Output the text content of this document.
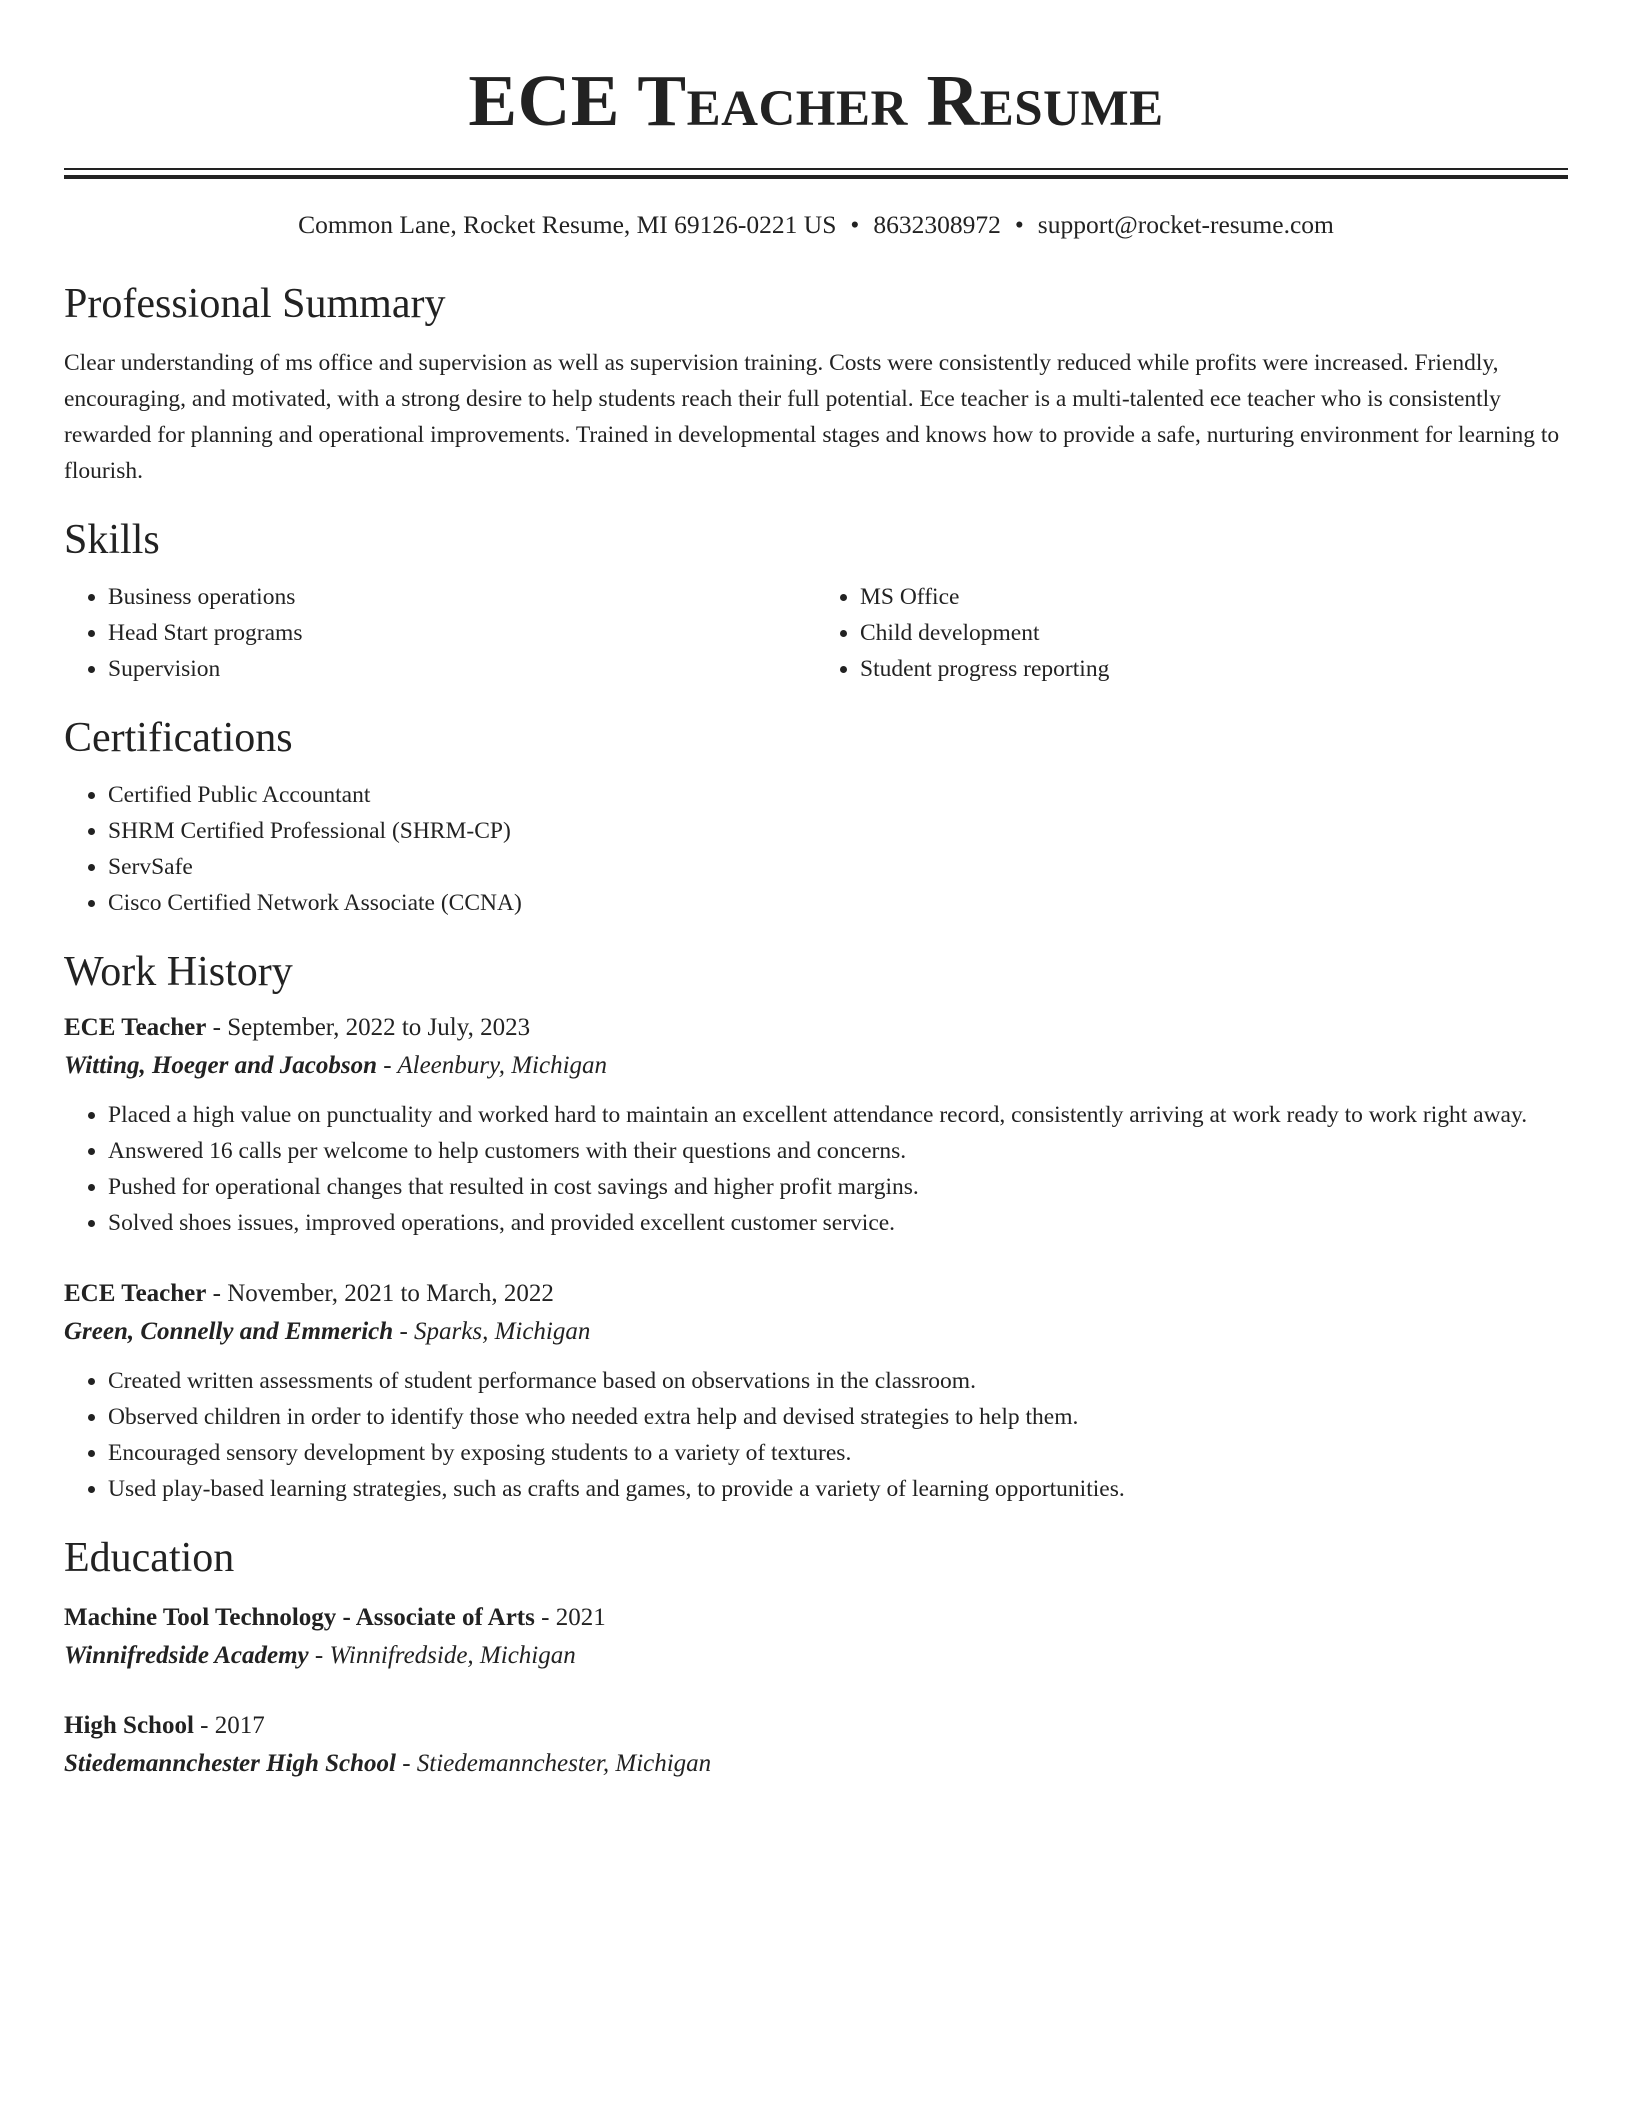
ECE Teacher Resume
Common Lane, Rocket Resume, MI 69126-0221 US • 8632308972 • support@rocket-resume.com
Professional Summary
Clear understanding of ms office and supervision as well as supervision training. Costs were consistently reduced while profits were increased. Friendly, encouraging, and motivated, with a strong desire to help students reach their full potential. Ece teacher is a multi-talented ece teacher who is consistently rewarded for planning and operational improvements. Trained in developmental stages and knows how to provide a safe, nurturing environment for learning to flourish.
Skills
• Business operations
• Head Start programs
• Supervision
• MS Office
• Child development
• Student progress reporting
Certifications
• Certified Public Accountant
• SHRM Certified Professional (SHRM-CP)
• ServSafe
• Cisco Certified Network Associate (CCNA)
Work History
ECE Teacher - September, 2022 to July, 2023
Witting, Hoeger and Jacobson - Aleenbury, Michigan
• Placed a high value on punctuality and worked hard to maintain an excellent attendance record, consistently arriving at work ready to work right away.
• Answered 16 calls per welcome to help customers with their questions and concerns.
• Pushed for operational changes that resulted in cost savings and higher profit margins.
• Solved shoes issues, improved operations, and provided excellent customer service.
ECE Teacher - November, 2021 to March, 2022
Green, Connelly and Emmerich - Sparks, Michigan
• Created written assessments of student performance based on observations in the classroom.
• Observed children in order to identify those who needed extra help and devised strategies to help them.
• Encouraged sensory development by exposing students to a variety of textures.
• Used play-based learning strategies, such as crafts and games, to provide a variety of learning opportunities.
Education
Machine Tool Technology - Associate of Arts - 2021
Winnifredside Academy - Winnifredside, Michigan
High School - 2017
Stiedemannchester High School - Stiedemannchester, Michigan
